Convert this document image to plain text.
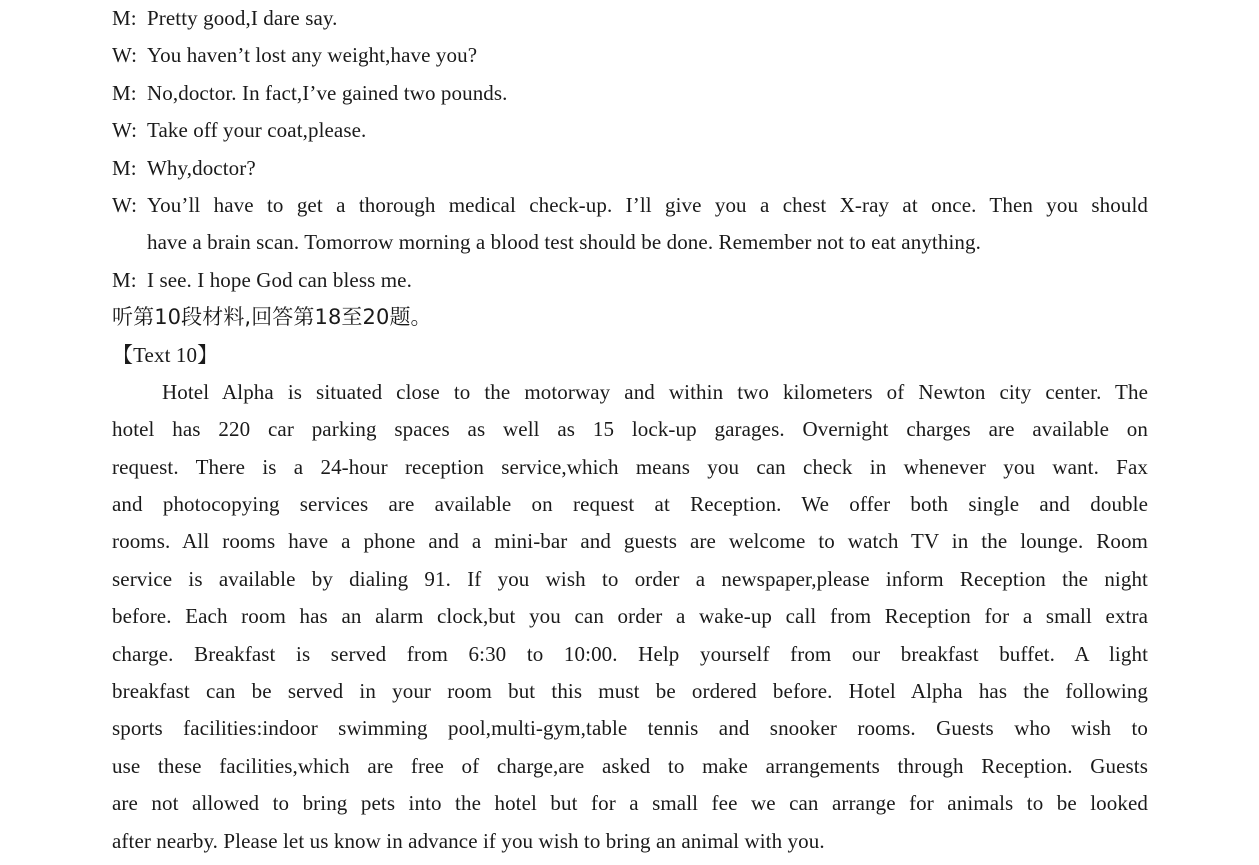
M: Pretty good,I dare say.
W: You haven’t lost any weight,have you?
M: No,doctor. In fact,I’ve gained two pounds.
W: Take off your coat,please.
M: Why,doctor?
W: You’ll have to get a thorough medical check-up. I’ll give you a chest X-ray at once. Then you should
have a brain scan. Tomorrow morning a blood test should be done. Remember not to eat anything.
M: I see. I hope God can bless me.
听第10段材料,回答第18至20题。
【Text 10】
Hotel Alpha is situated close to the motorway and within two kilometers of Newton city center. The
hotel has 220 car parking spaces as well as 15 lock-up garages. Overnight charges are available on
request. There is a 24-hour reception service,which means you can check in whenever you want. Fax
and photocopying services are available on request at Reception. We offer both single and double
rooms. All rooms have a phone and a mini-bar and guests are welcome to watch TV in the lounge. Room
service is available by dialing 91. If you wish to order a newspaper,please inform Reception the night
before. Each room has an alarm clock,but you can order a wake-up call from Reception for a small extra
charge. Breakfast is served from 6:30 to 10:00. Help yourself from our breakfast buffet. A light
breakfast can be served in your room but this must be ordered before. Hotel Alpha has the following
sports facilities:indoor swimming pool,multi-gym,table tennis and snooker rooms. Guests who wish to
use these facilities,which are free of charge,are asked to make arrangements through Reception. Guests
are not allowed to bring pets into the hotel but for a small fee we can arrange for animals to be looked
after nearby. Please let us know in advance if you wish to bring an animal with you.
